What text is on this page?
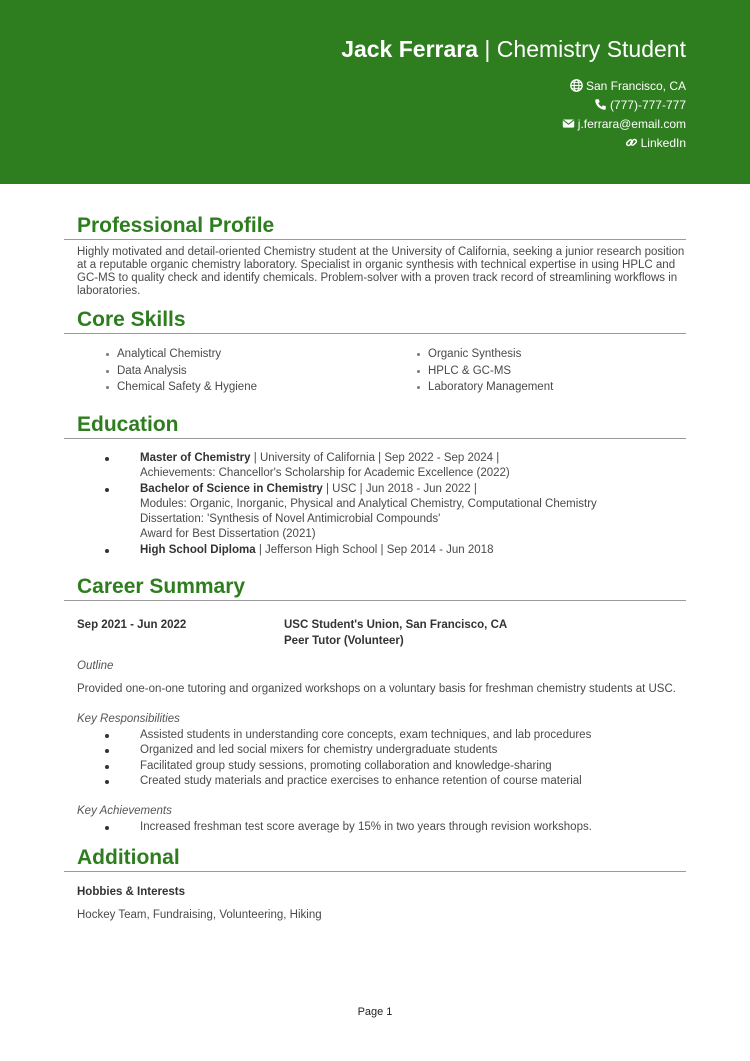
Jack Ferrara | Chemistry Student
San Francisco, CA
(777)-777-777
j.ferrara@email.com
LinkedIn
Professional Profile
Highly motivated and detail-oriented Chemistry student at the University of California, seeking a junior research position at a reputable organic chemistry laboratory. Specialist in organic synthesis with technical expertise in using HPLC and GC-MS to quality check and identify chemicals. Problem-solver with a proven track record of streamlining workflows in laboratories.
Core Skills
Analytical Chemistry	Organic Synthesis
Data Analysis	HPLC & GC-MS
Chemical Safety & Hygiene	Laboratory Management
Education
Master of Chemistry | University of California | Sep 2022 - Sep 2024 |
Achievements: Chancellor's Scholarship for Academic Excellence (2022)
Bachelor of Science in Chemistry | USC | Jun 2018 - Jun 2022 |
Modules: Organic, Inorganic, Physical and Analytical Chemistry, Computational Chemistry
Dissertation: 'Synthesis of Novel Antimicrobial Compounds'
Award for Best Dissertation (2021)
High School Diploma | Jefferson High School | Sep 2014 - Jun 2018
Career Summary
Sep 2021 - Jun 2022	USC Student's Union, San Francisco, CA
Peer Tutor (Volunteer)
Outline
Provided one-on-one tutoring and organized workshops on a voluntary basis for freshman chemistry students at USC.
Key Responsibilities
Assisted students in understanding core concepts, exam techniques, and lab procedures
Organized and led social mixers for chemistry undergraduate students
Facilitated group study sessions, promoting collaboration and knowledge-sharing
Created study materials and practice exercises to enhance retention of course material
Key Achievements
Increased freshman test score average by 15% in two years through revision workshops.
Additional
Hobbies & Interests
Hockey Team, Fundraising, Volunteering, Hiking
Page 1
